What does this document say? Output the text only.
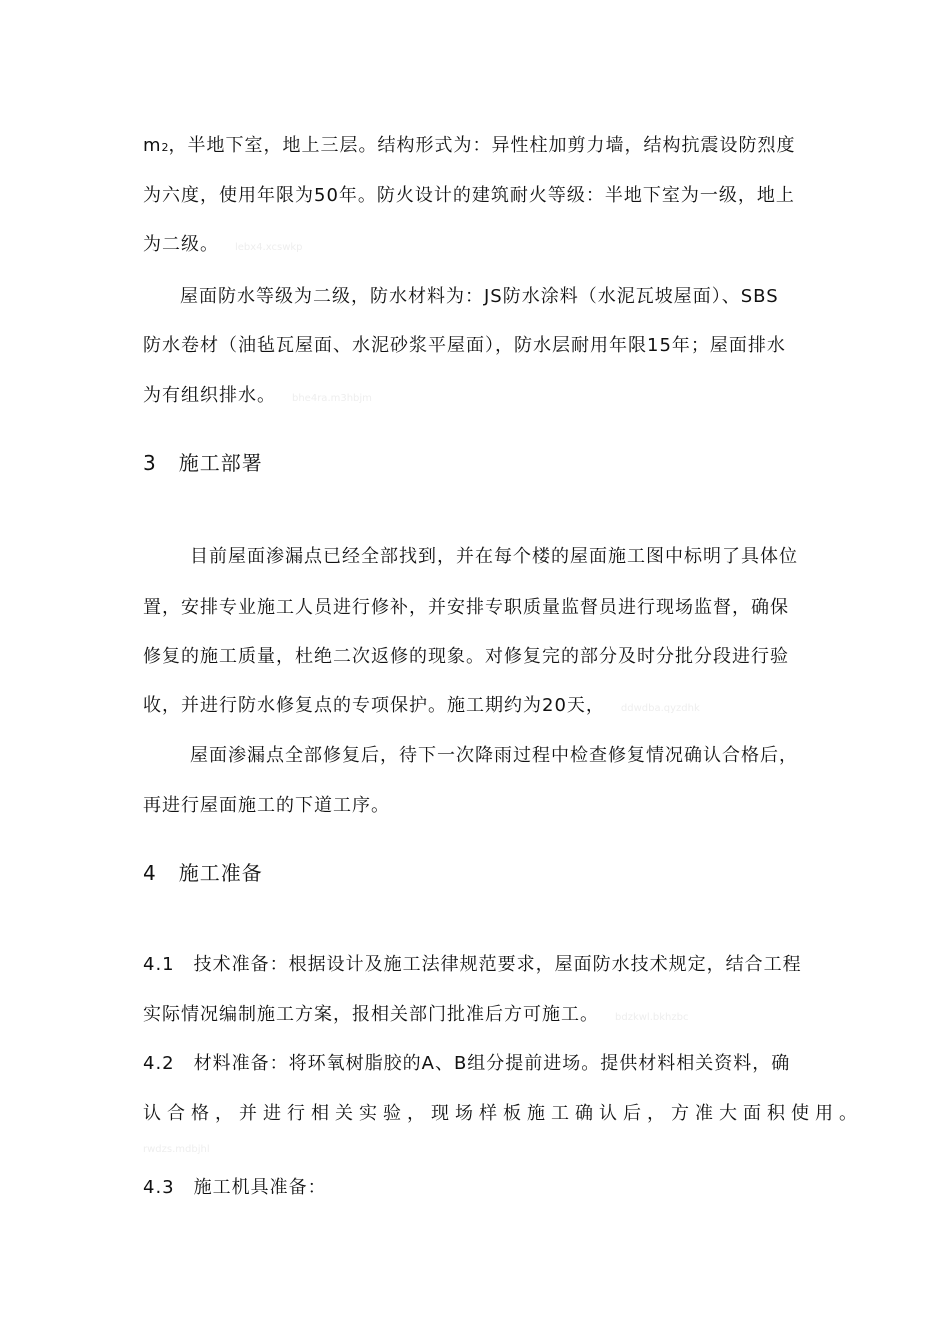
m2，半地下室，地上三层。结构形式为：异性柱加剪力墙，结构抗震设防烈度
为六度，使用年限为50年。防火设计的建筑耐火等级：半地下室为一级，地上
为二级。 lebx4.xcswkp
屋面防水等级为二级，防水材料为：JS防水涂料（水泥瓦坡屋面）、SBS
防水卷材（油毡瓦屋面、水泥砂浆平屋面），防水层耐用年限15年；屋面排水
为有组织排水。 bhe4ra.m3hbjm
3 施工部署
目前屋面渗漏点已经全部找到，并在每个楼的屋面施工图中标明了具体位
置，安排专业施工人员进行修补，并安排专职质量监督员进行现场监督，确保
修复的施工质量，杜绝二次返修的现象。对修复完的部分及时分批分段进行验
收，并进行防水修复点的专项保护。施工期约为20天， ddwdba.qyzdhk
屋面渗漏点全部修复后，待下一次降雨过程中检查修复情况确认合格后，
再进行屋面施工的下道工序。
4 施工准备
4.1　技术准备：根据设计及施工法律规范要求，屋面防水技术规定，结合工程
实际情况编制施工方案，报相关部门批准后方可施工。 bdzkwl.bkhzbc
4.2　材料准备：将环氧树脂胶的A、B组分提前进场。提供材料相关资料，确
认合格，并进行相关实验，现场样板施工确认后，方准大面积使用。
rwdzs.mdbjhl
4.3　施工机具准备：
